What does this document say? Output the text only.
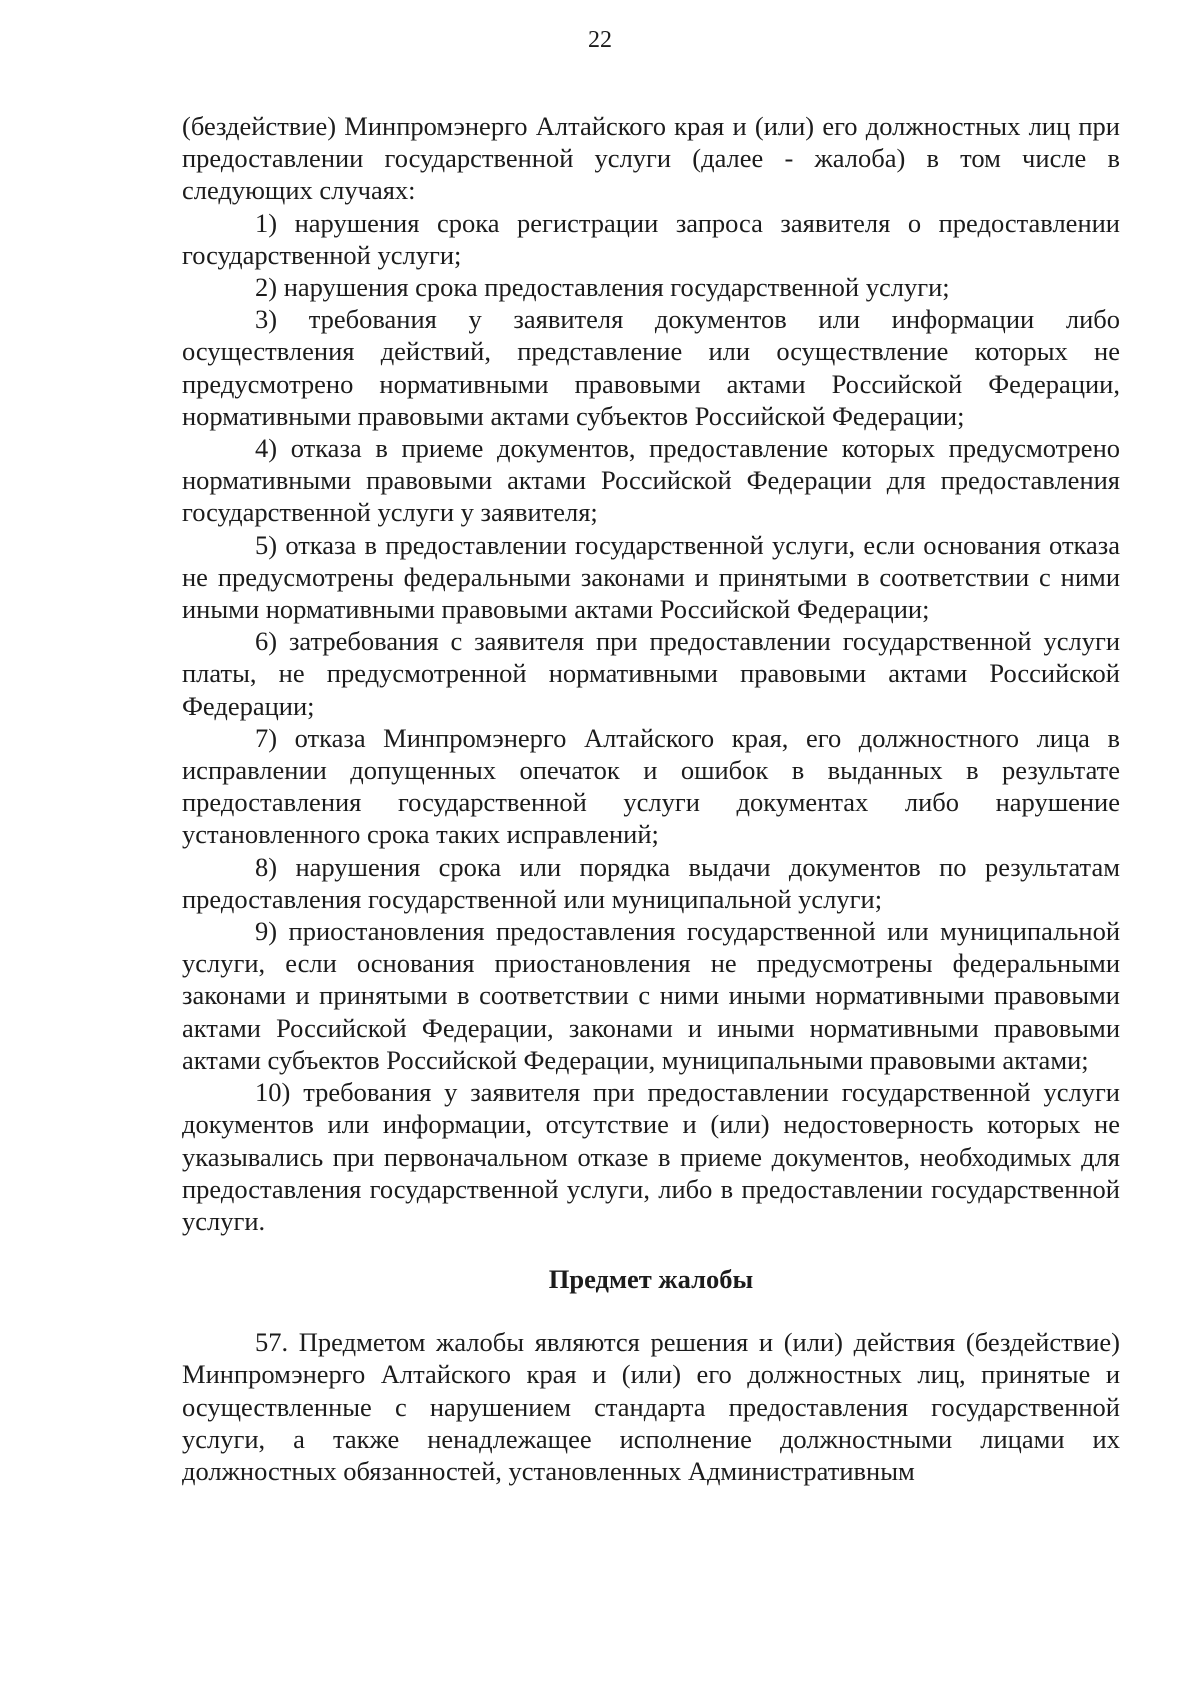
22

(бездействие) Минпромэнерго Алтайского края и (или) его должностных лиц при предоставлении государственной услуги (далее - жалоба) в том числе в следующих случаях:

1) нарушения срока регистрации запроса заявителя о предоставлении государственной услуги;

2) нарушения срока предоставления государственной услуги;

3) требования у заявителя документов или информации либо осуществления действий, представление или осуществление которых не предусмотрено нормативными правовыми актами Российской Федерации, нормативными правовыми актами субъектов Российской Федерации;

4) отказа в приеме документов, предоставление которых предусмотрено нормативными правовыми актами Российской Федерации для предоставления государственной услуги у заявителя;

5) отказа в предоставлении государственной услуги, если основания отказа не предусмотрены федеральными законами и принятыми в соответствии с ними иными нормативными правовыми актами Российской Федерации;

6) затребования с заявителя при предоставлении государственной услуги платы, не предусмотренной нормативными правовыми актами Российской Федерации;

7) отказа Минпромэнерго Алтайского края, его должностного лица в исправлении допущенных опечаток и ошибок в выданных в результате предоставления государственной услуги документах либо нарушение установленного срока таких исправлений;

8) нарушения срока или порядка выдачи документов по результатам предоставления государственной или муниципальной услуги;

9) приостановления предоставления государственной или муниципальной услуги, если основания приостановления не предусмотрены федеральными законами и принятыми в соответствии с ними иными нормативными правовыми актами Российской Федерации, законами и иными нормативными правовыми актами субъектов Российской Федерации, муниципальными правовыми актами;

10) требования у заявителя при предоставлении государственной услуги документов или информации, отсутствие и (или) недостоверность которых не указывались при первоначальном отказе в приеме документов, необходимых для предоставления государственной услуги, либо в предоставлении государственной услуги.

Предмет жалобы

57. Предметом жалобы являются решения и (или) действия (бездействие) Минпромэнерго Алтайского края и (или) его должностных лиц, принятые и осуществленные с нарушением стандарта предоставления государственной услуги, а также ненадлежащее исполнение должностными лицами их должностных обязанностей, установленных Административным
